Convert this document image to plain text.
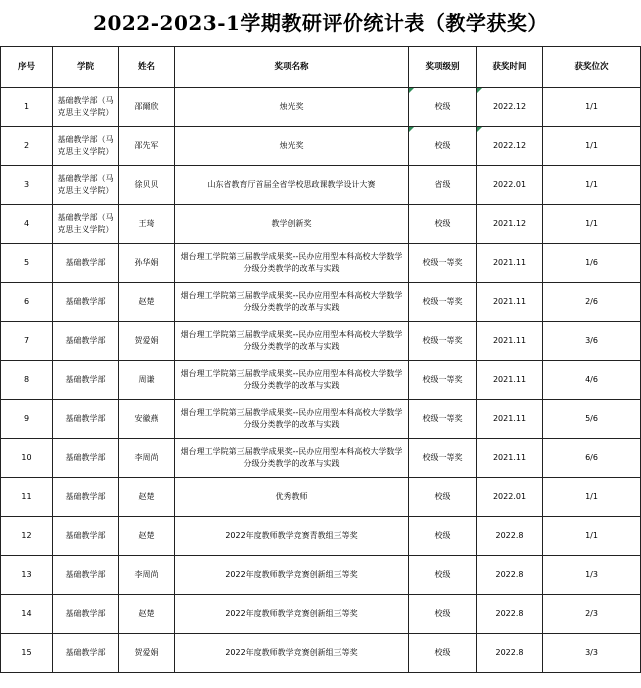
2022-2023-1学期教研评价统计表（教学获奖）
序号	学院	姓名	奖项名称	奖项级别	获奖时间	获奖位次
1	基础教学部（马克思主义学院）	邵爾欣	烛光奖	校级	2022.12	1/1
2	基础教学部（马克思主义学院）	邵先军	烛光奖	校级	2022.12	1/1
3	基础教学部（马克思主义学院）	徐贝贝	山东省教育厅首届全省学校思政课教学设计大赛	省级	2022.01	1/1
4	基础教学部（马克思主义学院）	王琦	教学创新奖	校级	2021.12	1/1
5	基础教学部	孙华娟	烟台理工学院第三届教学成果奖--民办应用型本科高校大学数学分级分类教学的改革与实践	校级一等奖	2021.11	1/6
6	基础教学部	赵楚	烟台理工学院第三届教学成果奖--民办应用型本科高校大学数学分级分类教学的改革与实践	校级一等奖	2021.11	2/6
7	基础教学部	贺爱娟	烟台理工学院第三届教学成果奖--民办应用型本科高校大学数学分级分类教学的改革与实践	校级一等奖	2021.11	3/6
8	基础教学部	周谦	烟台理工学院第三届教学成果奖--民办应用型本科高校大学数学分级分类教学的改革与实践	校级一等奖	2021.11	4/6
9	基础教学部	安徽燕	烟台理工学院第三届教学成果奖--民办应用型本科高校大学数学分级分类教学的改革与实践	校级一等奖	2021.11	5/6
10	基础教学部	李周尚	烟台理工学院第三届教学成果奖--民办应用型本科高校大学数学分级分类教学的改革与实践	校级一等奖	2021.11	6/6
11	基础教学部	赵楚	优秀教师	校级	2022.01	1/1
12	基础教学部	赵楚	2022年度教师教学竞赛青教组三等奖	校级	2022.8	1/1
13	基础教学部	李周尚	2022年度教师教学竞赛创新组三等奖	校级	2022.8	1/3
14	基础教学部	赵楚	2022年度教师教学竞赛创新组三等奖	校级	2022.8	2/3
15	基础教学部	贺爱娟	2022年度教师教学竞赛创新组三等奖	校级	2022.8	3/3
